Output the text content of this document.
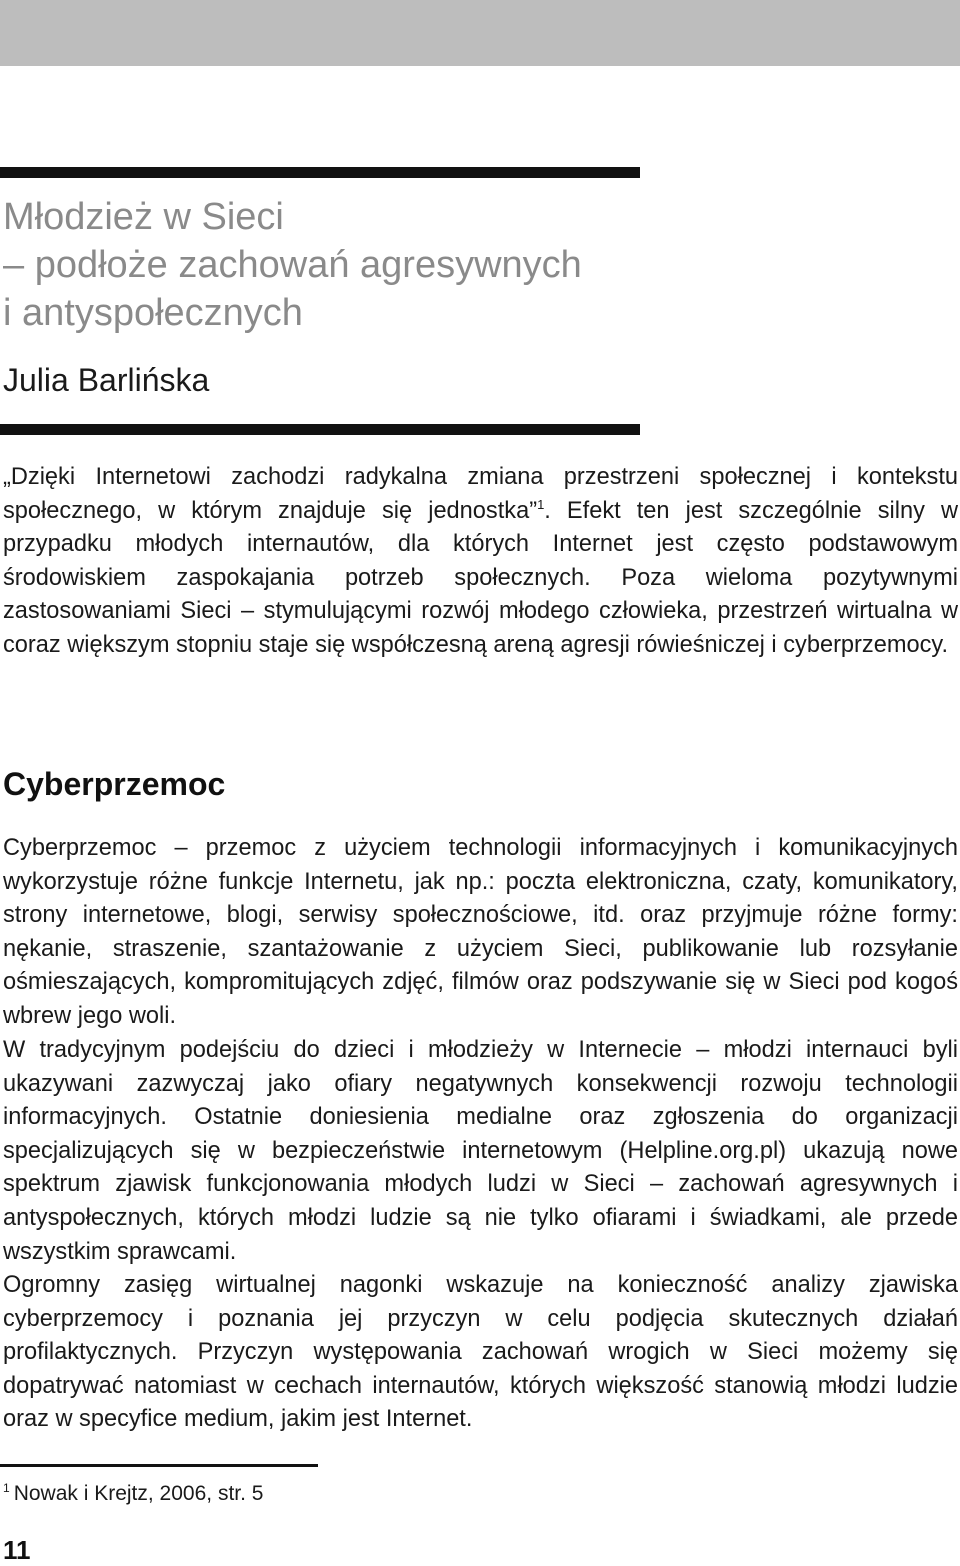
Młodzież w Sieci
– podłoże zachowań agresywnych
i antyspołecznych

Julia Barlińska

„Dzięki Internetowi zachodzi radykalna zmiana przestrzeni społecznej i kontekstu społecznego, w którym znajduje się jednostka”$^1$. Efekt ten jest szczególnie silny w przypadku młodych internautów, dla których Internet jest często podstawowym środowiskiem zaspokajania potrzeb społecznych. Poza wieloma pozytywnymi zastosowaniami Sieci – stymulującymi rozwój młodego człowieka, przestrzeń wirtualna w coraz większym stopniu staje się współczesną areną agresji rówieśniczej i cyberprzemocy.

Cyberprzemoc

Cyberprzemoc – przemoc z użyciem technologii informacyjnych i komunikacyjnych wykorzystuje różne funkcje Internetu, jak np.: poczta elektroniczna, czaty, komunikatory, strony internetowe, blogi, serwisy społecznościowe, itd. oraz przyjmuje różne formy: nękanie, straszenie, szantażowanie z użyciem Sieci, publikowanie lub rozsyłanie ośmieszających, kompromitujących zdjęć, filmów oraz podszywanie się w Sieci pod kogoś wbrew jego woli.

W tradycyjnym podejściu do dzieci i młodzieży w Internecie – młodzi internauci byli ukazywani zazwyczaj jako ofiary negatywnych konsekwencji rozwoju technologii informacyjnych. Ostatnie doniesienia medialne oraz zgłoszenia do organizacji specjalizujących się w bezpieczeństwie internetowym (Helpline.org.pl) ukazują nowe spektrum zjawisk funkcjonowania młodych ludzi w Sieci – zachowań agresywnych i antyspołecznych, których młodzi ludzie są nie tylko ofiarami i świadkami, ale przede wszystkim sprawcami.

Ogromny zasięg wirtualnej nagonki wskazuje na konieczność analizy zjawiska cyberprzemocy i poznania jej przyczyn w celu podjęcia skutecznych działań profilaktycznych. Przyczyn występowania zachowań wrogich w Sieci możemy się dopatrywać natomiast w cechach internautów, których większość stanowią młodzi ludzie oraz w specyfice medium, jakim jest Internet.

$^1$ Nowak i Krejtz, 2006, str. 5

11
